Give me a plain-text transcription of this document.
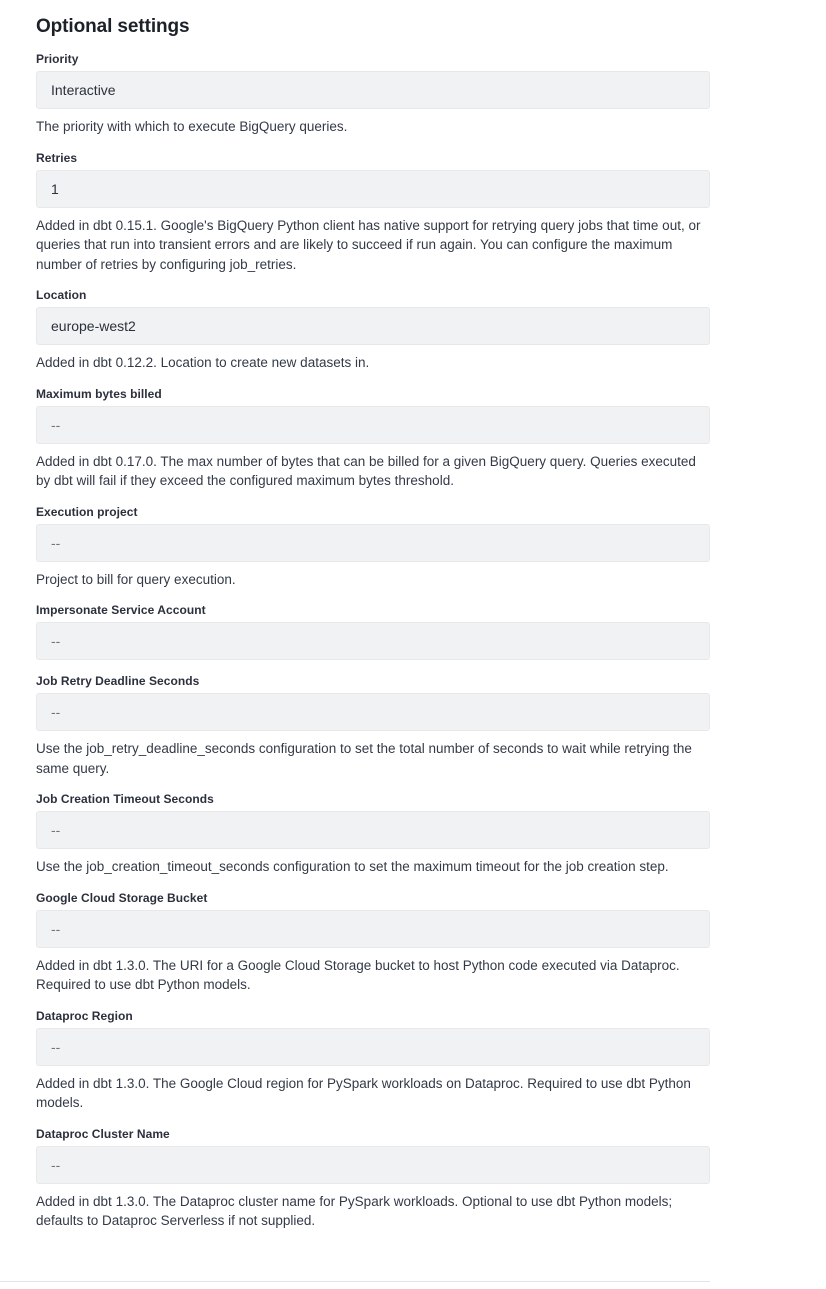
Optional settings
Priority
Interactive
The priority with which to execute BigQuery queries.
Retries
1
Added in dbt 0.15.1. Google's BigQuery Python client has native support for retrying query jobs that time out, or queries that run into transient errors and are likely to succeed if run again. You can configure the maximum number of retries by configuring job_retries.
Location
europe-west2
Added in dbt 0.12.2. Location to create new datasets in.
Maximum bytes billed
--
Added in dbt 0.17.0. The max number of bytes that can be billed for a given BigQuery query. Queries executed by dbt will fail if they exceed the configured maximum bytes threshold.
Execution project
--
Project to bill for query execution.
Impersonate Service Account
--
Job Retry Deadline Seconds
--
Use the job_retry_deadline_seconds configuration to set the total number of seconds to wait while retrying the same query.
Job Creation Timeout Seconds
--
Use the job_creation_timeout_seconds configuration to set the maximum timeout for the job creation step.
Google Cloud Storage Bucket
--
Added in dbt 1.3.0. The URI for a Google Cloud Storage bucket to host Python code executed via Dataproc. Required to use dbt Python models.
Dataproc Region
--
Added in dbt 1.3.0. The Google Cloud region for PySpark workloads on Dataproc. Required to use dbt Python models.
Dataproc Cluster Name
--
Added in dbt 1.3.0. The Dataproc cluster name for PySpark workloads. Optional to use dbt Python models; defaults to Dataproc Serverless if not supplied.
